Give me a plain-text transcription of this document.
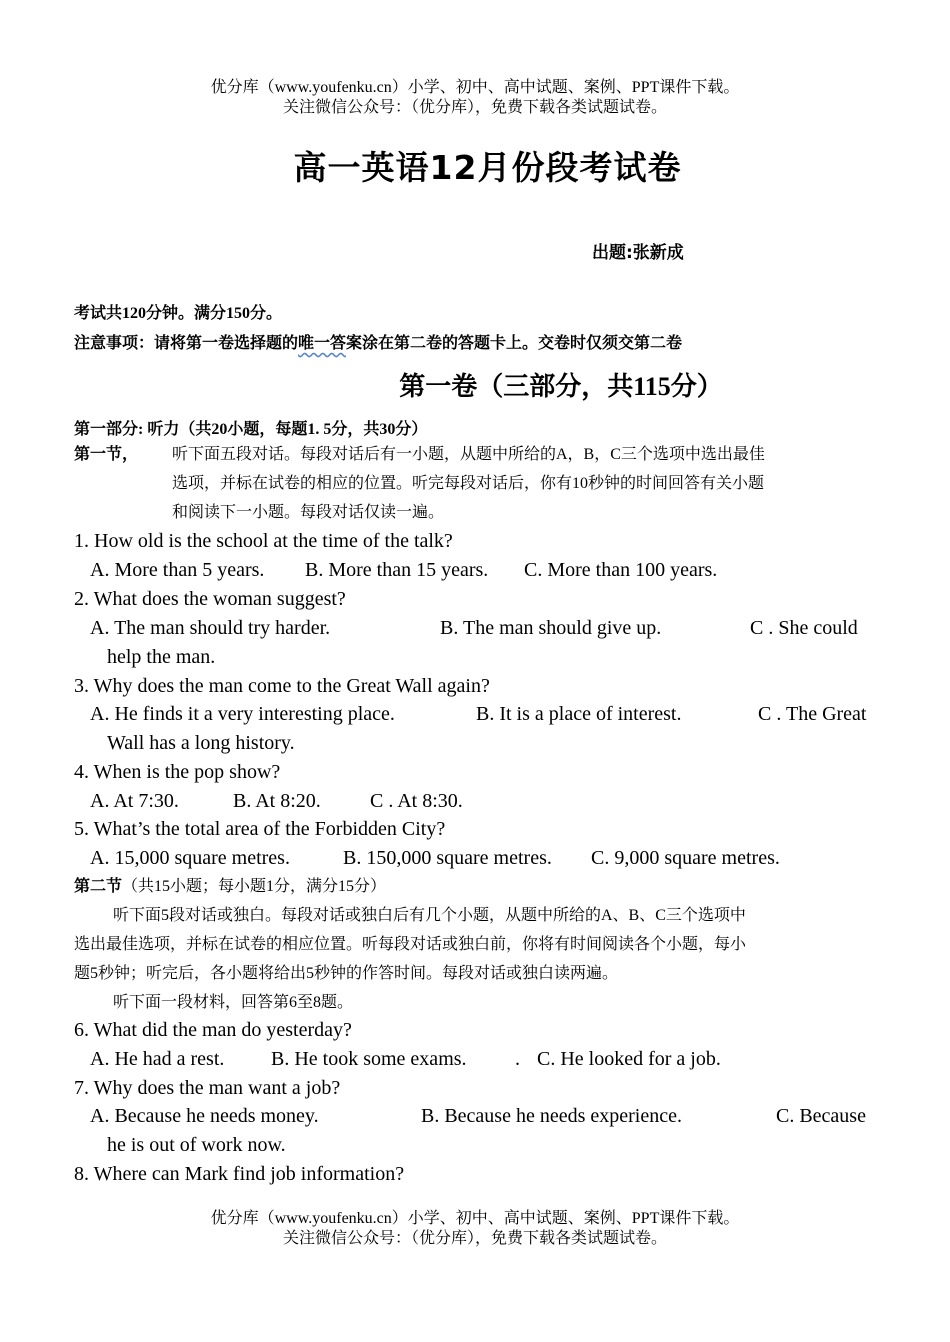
优分库（www.youfenku.cn）小学、初中、高中试题、案例、PPT课件下载。
关注微信公众号：（优分库），免费下载各类试题试卷。
高一英语12月份段考试卷
出题:张新成
考试共120分钟。满分150分。
注意事项：请将第一卷选择题的唯一答案涂在第二卷的答题卡上。交卷时仅须交第二卷
第一卷（三部分，共115分）
第一部分: 听力（共20小题，每题1. 5分，共30分）
第一节， 听下面五段对话。每段对话后有一小题，从题中所给的A，B，C三个选项中选出最佳
选项，并标在试卷的相应的位置。听完每段对话后，你有10秒钟的时间回答有关小题
和阅读下一小题。每段对话仅读一遍。
1. How old is the school at the time of the talk?
A. More than 5 years. B. More than 15 years. C. More than 100 years.
2. What does the woman suggest?
A. The man should try harder.	B. The man should give up.	C . She could
help the man.
3. Why does the man come to the Great Wall again?
A. He finds it a very interesting place.	B. It is a place of interest.	C . The Great
Wall has a long history.
4. When is the pop show?
A. At 7:30.	B. At 8:20. C . At 8:30.
5. What’s the total area of the Forbidden City?
A. 15,000 square metres.	B. 150,000 square metres. C. 9,000 square metres.
第二节（共15小题；每小题1分，满分15分）
听下面5段对话或独白。每段对话或独白后有几个小题，从题中所给的A、B、C三个选项中
选出最佳选项，并标在试卷的相应位置。听每段对话或独白前，你将有时间阅读各个小题，每小
题5秒钟；听完后，各小题将给出5秒钟的作答时间。每段对话或独白读两遍。
听下面一段材料，回答第6至8题。
6. What did the man do yesterday?
A. He had a rest. B. He took some exams. . C. He looked for a job.
7. Why does the man want a job?
A. Because he needs money.	B. Because he needs experience.	C. Because
he is out of work now.
8. Where can Mark find job information?
优分库（www.youfenku.cn）小学、初中、高中试题、案例、PPT课件下载。
关注微信公众号：（优分库），免费下载各类试题试卷。
